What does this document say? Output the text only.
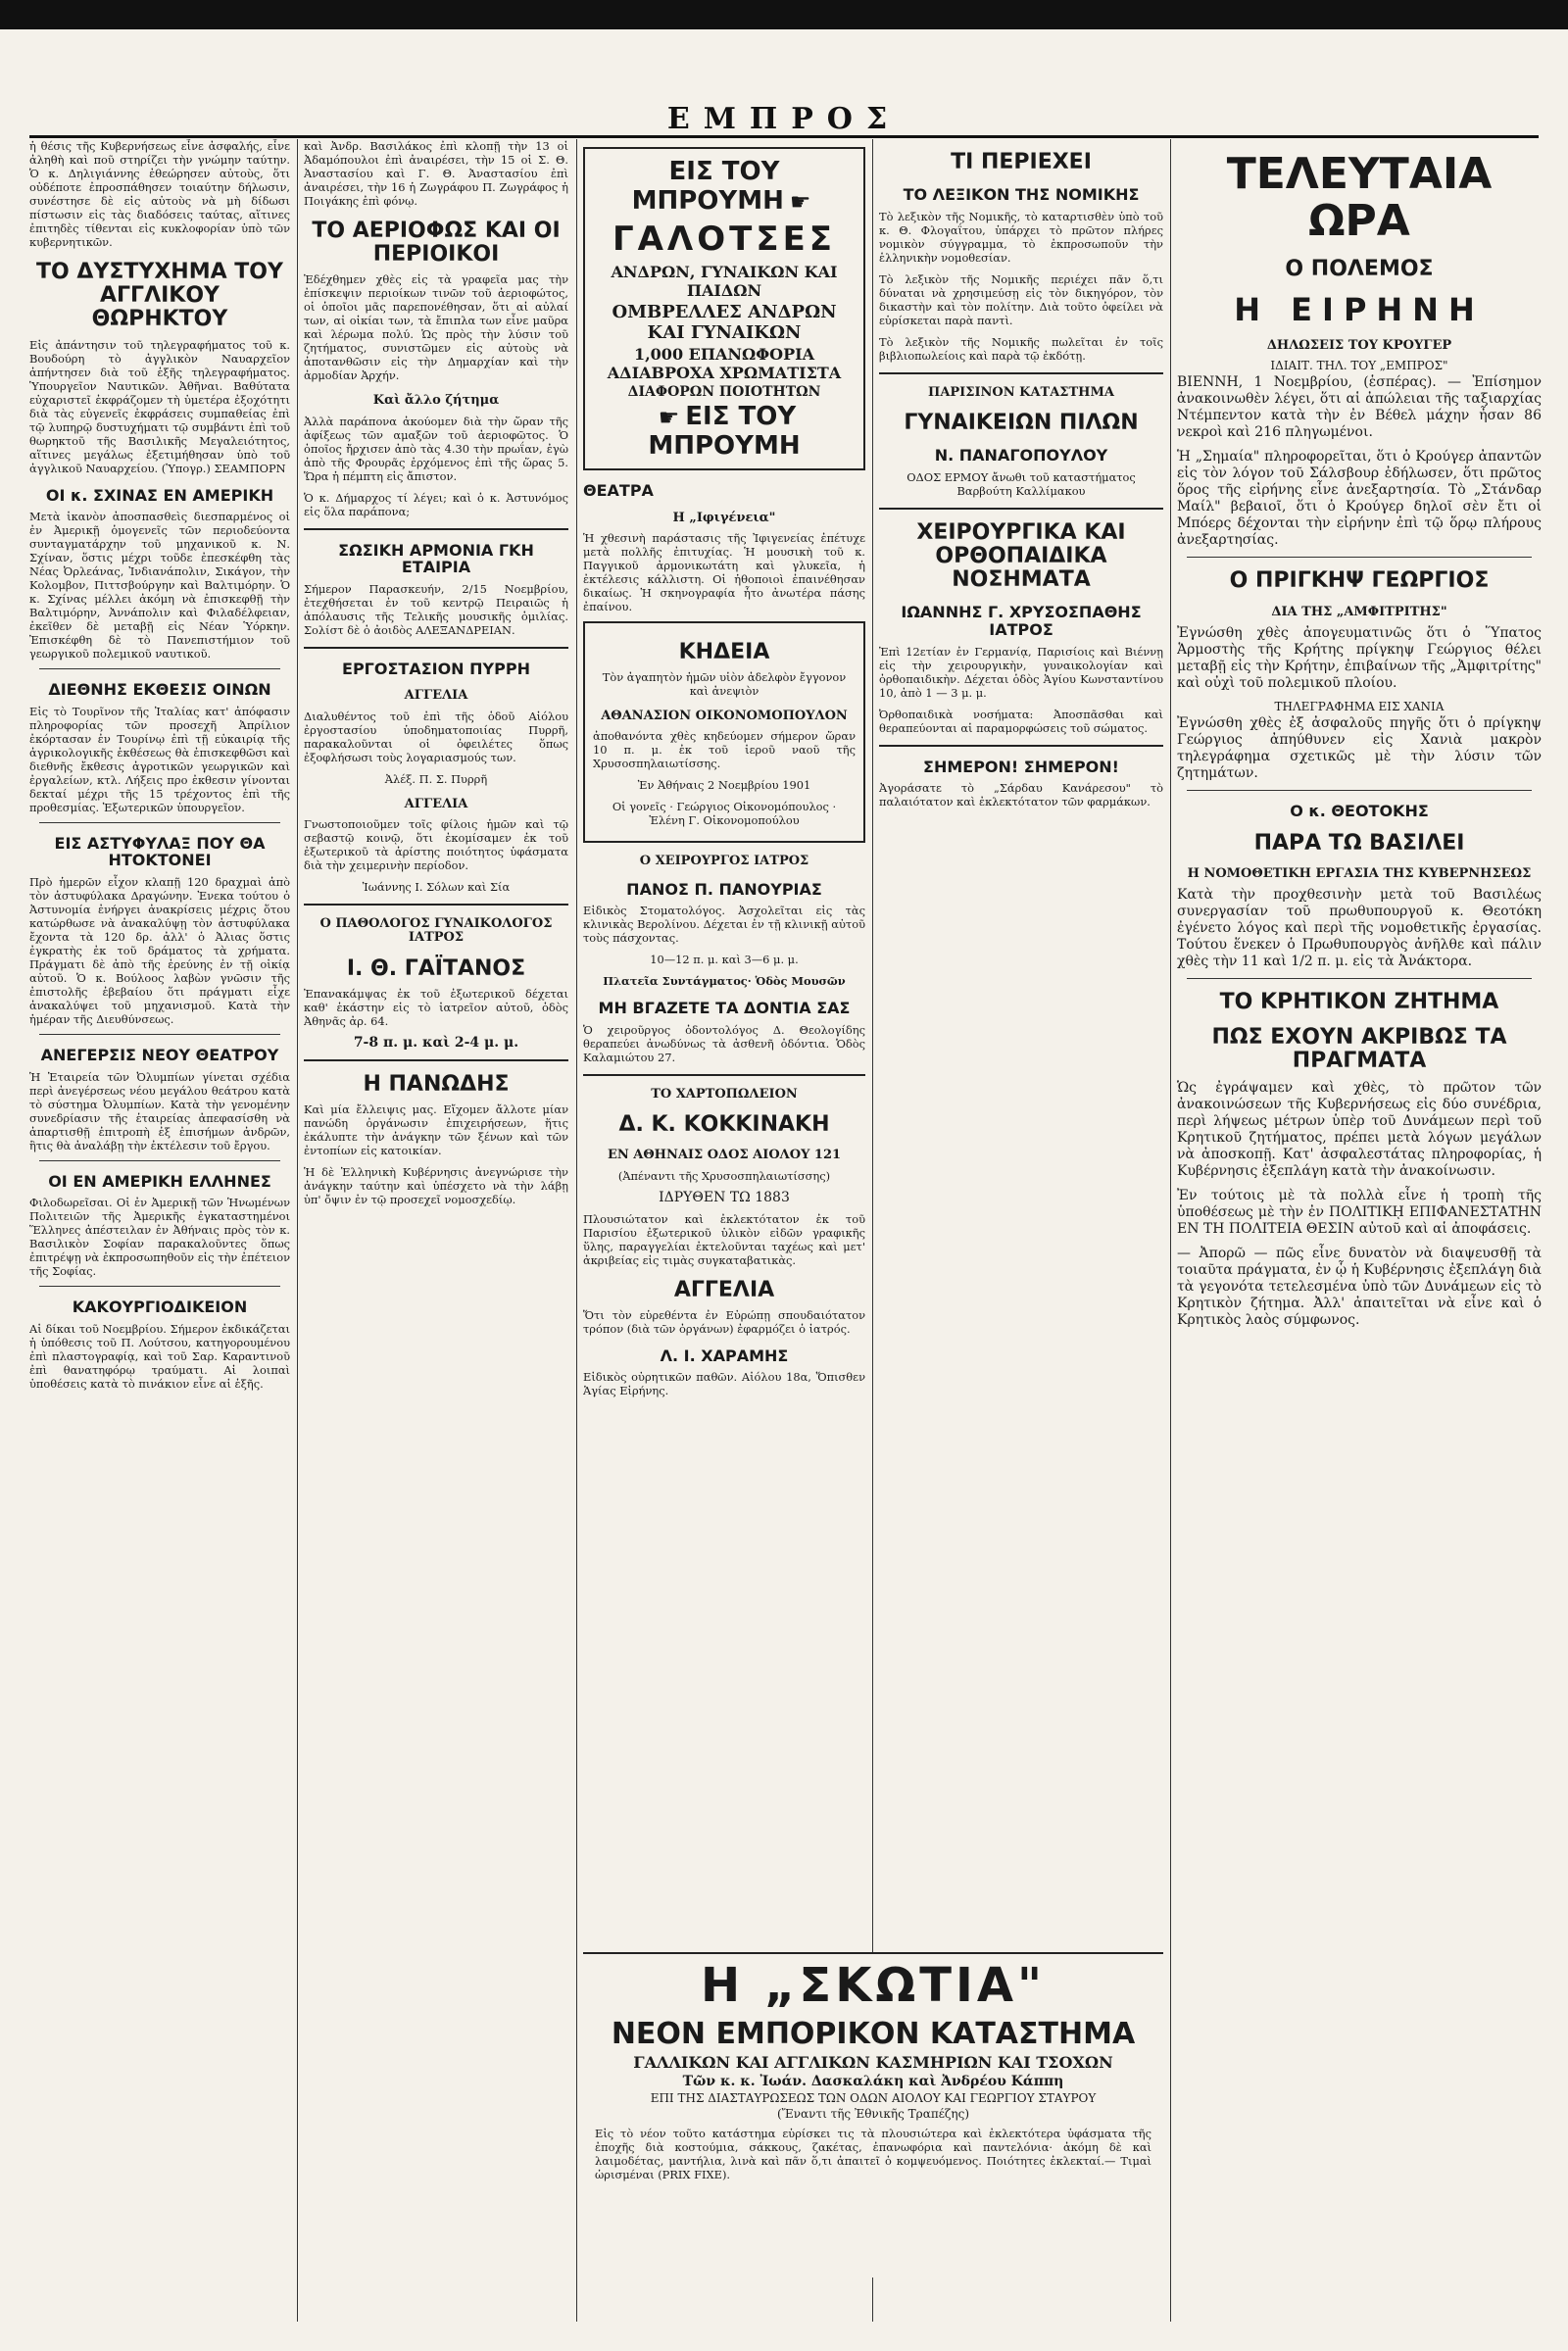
ΕΜΠΡΟΣ

ἡ θέσις τῆς Κυβερνήσεως εἶνε ἀσφαλής, εἶνε ἀληθὴ καὶ ποῦ στηρίζει τὴν γνώμην ταύτην. Ὁ κ. Δηλιγιάννης ἐθεώρησεν αὐτοὺς, ὅτι οὐδέποτε ἐπροσπάθησεν τοιαύτην δήλωσιν, συνέστησε δὲ εἰς αὐτοὺς νὰ μὴ δίδωσι πίστωσιν εἰς τὰς διαδόσεις ταύτας, αἵτινες ἐπιτηδὲς τίθενται εἰς κυκλοφορίαν ὑπὸ τῶν κυβερνητικῶν.

ΤΟ ΔΥΣΤΥΧΗΜΑ ΤΟΥ ΑΓΓΛΙΚΟΥ ΘΩΡΗΚΤΟΥ

Εἰς ἀπάντησιν τοῦ τηλεγραφήματος τοῦ κ. Βουδούρη τὸ ἀγγλικὸν Ναυαρχεῖον ἀπήντησεν διὰ τοῦ ἑξῆς τηλεγραφήματος. Ὑπουργεῖον Ναυτικῶν. Ἀθῆναι. Βαθύτατα εὐχαριστεῖ ἐκφράζομεν τὴ ὑμετέρα ἐξοχότητι διὰ τὰς εὐγενεῖς ἐκφράσεις συμπαθείας ἐπὶ τῷ λυπηρῷ δυστυχήματι τῷ συμβάντι ἐπὶ τοῦ θωρηκτοῦ τῆς Βασιλικῆς Μεγαλειότητος, αἵτινες μεγάλως ἐξετιμήθησαν ὑπὸ τοῦ ἀγγλικοῦ Ναυαρχείου. (Ὑπογρ.) ΣΕΑΜΠΟΡΝ

ΟΙ κ. ΣΧΙΝΑΣ ΕΝ ΑΜΕΡΙΚΗ

Μετὰ ἱκανὸν ἀποσπασθεὶς διεσπαρμένος οἱ ἐν Ἀμερικῇ ὁμογενεῖς τῶν περιοδεύοντα συνταγματάρχην τοῦ μηχανικοῦ κ. Ν. Σχίναν, ὅστις μέχρι τοῦδε ἐπεσκέφθη τὰς Νέας Ὀρλεάνας, Ἰνδιανάπολιν, Σικάγον, τὴν Κολομβον, Πιττσβούργην καὶ Βαλτιμόρην. Ὁ κ. Σχίνας μέλλει ἀκόμη νὰ ἐπισκεφθῇ τὴν Βαλτιμόρην, Ἀννάπολιν καὶ Φιλαδέλφειαν, ἐκεῖθεν δὲ μεταβῇ εἰς Νέαν Ὑόρκην. Ἐπισκέφθη δὲ τὸ Πανεπιστήμιον τοῦ γεωργικοῦ πολεμικοῦ ναυτικοῦ.

ΔΙΕΘΝΗΣ ΕΚΘΕΣΙΣ ΟΙΝΩΝ

Εἰς τὸ Τουρῖνον τῆς Ἰταλίας κατ' ἀπόφασιν πληροφορίας τῶν προσεχῆ Ἀπρίλιον ἐκόρτασαν ἐν Τουρίνῳ ἐπὶ τῇ εὐκαιρίᾳ τῆς ἀγρικολογικῆς ἐκθέσεως θὰ ἐπισκεφθῶσι καὶ διεθνῆς ἔκθεσις ἀγροτικῶν γεωργικῶν καὶ ἐργαλείων, κτλ. Λήξεις προ ἐκθεσιν γίνονται δεκταί μέχρι τῆς 15 τρέχοντος ἐπὶ τῆς προθεσμίας. Ἐξωτερικῶν ὑπουργεῖον.

ΕΙΣ ΑΣΤΥΦΥΛΑΞ ΠΟΥ ΘΑ ΗΤΟΚΤΟΝΕΙ

Πρὸ ἡμερῶν εἶχον κλαπῇ 120 δραχμαὶ ἀπὸ τὸν ἀστυφύλακα Δραγώνην. Ἐνεκα τούτου ὁ Ἀστυνομία ἐνήργει ἀνακρίσεις μέχρις ὅτου κατώρθωσε νὰ ἀνακαλύψῃ τὸν ἀστυφύλακα ἔχοντα τὰ 120 δρ. ἀλλ' ὁ Ἀλιας ὅστις ἐγκρατὴς ἐκ τοῦ δράματος τὰ χρήματα. Πράγματι δὲ ἀπὸ τῆς ἐρεύνης ἐν τῇ οἰκίᾳ αὐτοῦ. Ὁ κ. Βούλοος λαβὼν γνῶσιν τῆς ἐπιστολῆς ἐβεβαίου ὅτι πράγματι εἶχε ἀνακαλύψει τοῦ μηχανισμοῦ. Κατὰ τὴν ἡμέραν τῆς Διευθύνσεως.

ΑΝΕΓΕΡΣΙΣ ΝΕΟΥ ΘΕΑΤΡΟΥ

Ἡ Ἑταιρεία τῶν Ὀλυμπίων γίνεται σχέδια περὶ ἀνεγέρσεως νέου μεγάλου θεάτρου κατὰ τὸ σύστημα Ὀλυμπίων. Κατὰ τὴν γενομένην συνεδρίασιν τῆς ἑταιρείας ἀπεφασίσθη νὰ ἀπαρτισθῇ ἐπιτροπὴ ἐξ ἐπισήμων ἀνδρῶν, ἣτις θὰ ἀναλάβῃ τὴν ἐκτέλεσιν τοῦ ἔργου.

ΟΙ ΕΝ ΑΜΕΡΙΚΗ ΕΛΛΗΝΕΣ

Φιλοδωρεῖσαι. Οἱ ἐν Ἀμερικῇ τῶν Ἡνωμένων Πολιτειῶν τῆς Ἀμερικῆς ἐγκαταστημένοι Ἕλληνες ἀπέστειλαν ἐν Ἀθήναις πρὸς τὸν κ. Βασιλικὸν Σοφίαν παρακαλοῦντες ὅπως ἐπιτρέψῃ νὰ ἐκπροσωπηθοῦν εἰς τὴν ἐπέτειον τῆς Σοφίας.

ΚΑΚΟΥΡΓΙΟΔΙΚΕΙΟΝ

Αἱ δίκαι τοῦ Νοεμβρίου. Σήμερον ἐκδικάζεται ἡ ὑπόθεσις τοῦ Π. Λούτσου, κατηγορουμένου ἐπὶ πλαστογραφίᾳ, καὶ τοῦ Σαρ. Καραντινοῦ ἐπὶ θανατηφόρῳ τραύματι. Αἱ λοιπαὶ ὑποθέσεις κατὰ τὸ πινάκιον εἶνε αἱ ἑξῆς.

καὶ Ἀνδρ. Βασιλάκος ἐπὶ κλοπῇ τὴν 13 οἱ Ἀδαμόπουλοι ἐπὶ ἀναιρέσει, τὴν 15 οἱ Σ. Θ. Ἀναστασίου καὶ Γ. Θ. Ἀναστασίου ἐπὶ ἀναιρέσει, τὴν 16 ἡ Ζωγράφου Π. Ζωγράφος ἡ Ποιγάκης ἐπὶ φόνῳ.

ΤΟ ΑΕΡΙΟΦΩΣ ΚΑΙ ΟΙ ΠΕΡΙΟΙΚΟΙ

Ἐδέχθημεν χθὲς εἰς τὰ γραφεῖα μας τὴν ἐπίσκεψιν περιοίκων τινῶν τοῦ ἀεριοφώτος, οἱ ὁποῖοι μᾶς παρεπονέθησαν, ὅτι αἱ αὐλαί των, αἱ οἰκίαι των, τὰ ἔπιπλα των εἶνε μαῦρα καὶ λέρωμα πολύ. Ὡς πρὸς τὴν λύσιν τοῦ ζητήματος, συνιστῶμεν εἰς αὐτοὺς νὰ ἀποτανθῶσιν εἰς τὴν Δημαρχίαν καὶ τὴν ἀρμοδίαν Ἀρχήν.

Καὶ ἄλλο ζήτημα

Ἀλλὰ παράπονα ἀκούομεν διὰ τὴν ὥραν τῆς ἀφίξεως τῶν αμαξῶν τοῦ ἀεριοφῶτος. Ὁ ὁποῖος ἤρχισεν ἀπὸ τὰς 4.30 τὴν πρωΐαν, ἐγὼ ἀπὸ τῆς Φρουρᾶς ἐρχόμενος ἐπὶ τῆς ὥρας 5. Ὥρα ἡ πέμπτη εἰς ἄπιστον.

Ὁ κ. Δήμαρχος τί λέγει; καὶ ὁ κ. Ἀστυνόμος εἰς ὅλα παράπονα;

ΣΩΣΙΚΗ ΑΡΜΟΝΙΑ ΓΚΗ ΕΤΑΙΡΙΑ

Σήμερον Παρασκευήν, 2/15 Νοεμβρίου, ἐτεχθήσεται ἐν τοῦ κεντρῷ Πειραιῶς ἡ ἀπόλαυσις τῆς Τελικῆς μουσικῆς ὁμιλίας. Σολίστ δὲ ὁ ἀοιδὸς ΑΛΕΞΑΝΔΡΕΙΑΝ.

ΕΡΓΟΣΤΑΣΙΟΝ ΠΥΡΡΗ
ΑΓΓΕΛΙΑ

Διαλυθέντος τοῦ ἐπὶ τῆς ὁδοῦ Αἰόλου ἐργοστασίου ὑποδηματοποιίας Πυρρῆ, παρακαλοῦνται οἱ ὀφειλέτες ὅπως ἐξοφλήσωσι τοὺς λογαριασμούς των.

Ἀλέξ. Π. Σ. Πυρρῆ

ΑΓΓΕΛΙΑ

Γνωστοποιοῦμεν τοῖς φίλοις ἡμῶν καὶ τῷ σεβαστῷ κοινῷ, ὅτι ἐκομίσαμεν ἐκ τοῦ ἐξωτερικοῦ τὰ ἀρίστης ποιότητος ὑφάσματα διὰ τὴν χειμερινὴν περίοδον.

Ἰωάννης Ι. Σόλων καὶ Σία

Ο ΠΑΘΟΛΟΓΟΣ ΓΥΝΑΙΚΟΛΟΓΟΣ ΙΑΤΡΟΣ
Ι. Θ. ΓΑΪΤΑΝΟΣ

Ἐπανακάμψας ἐκ τοῦ ἐξωτερικοῦ δέχεται καθ' ἑκάστην εἰς τὸ ἰατρεῖον αὐτοῦ, ὁδὸς Ἀθηνᾶς ἀρ. 64.

7-8 π. μ. καὶ 2-4 μ. μ.

Η ΠΑΝΩΔΗΣ

Καὶ μία ἔλλειψις μας. Εἴχομεν ἄλλοτε μίαν πανώδη ὀργάνωσιν ἐπιχειρήσεων, ἥτις ἐκάλυπτε τὴν ἀνάγκην τῶν ξένων καὶ τῶν ἐντοπίων εἰς κατοικίαν.

Ἡ δὲ Ἑλληνικὴ Κυβέρνησις ἀνεγνώρισε τὴν ἀνάγκην ταύτην καὶ ὑπέσχετο νὰ τὴν λάβῃ ὑπ' ὄψιν ἐν τῷ προσεχεῖ νομοσχεδίῳ.

ΕΙΣ ΤΟΥ ΜΠΡΟΥΜΗ ☛
ΓΑΛΟΤΣΕΣ
ΑΝΔΡΩΝ, ΓΥΝΑΙΚΩΝ ΚΑΙ ΠΑΙΔΩΝ
ΟΜΒΡΕΛΛΕΣ ΑΝΔΡΩΝ ΚΑΙ ΓΥΝΑΙΚΩΝ
1,000 ΕΠΑΝΩΦΟΡΙΑ ΑΔΙΑΒΡΟΧΑ ΧΡΩΜΑΤΙΣΤΑ
ΔΙΑΦΟΡΩΝ ΠΟΙΟΤΗΤΩΝ
☛ ΕΙΣ ΤΟΥ ΜΠΡΟΥΜΗ
ΘΕΑΤΡΑ
Η „Ιφιγένεια"

Ἡ χθεσινὴ παράστασις τῆς Ἰφιγενείας ἐπέτυχε μετὰ πολλῆς ἐπιτυχίας. Ἡ μουσικὴ τοῦ κ. Παγγικοῦ ἀρμονικωτάτη καὶ γλυκεῖα, ἡ ἐκτέλεσις κάλλιστη. Οἱ ἠθοποιοὶ ἐπαινέθησαν δικαίως. Ἡ σκηνογραφία ἦτο ἀνωτέρα πάσης ἐπαίνου.

ΚΗΔΕΙΑ

Τὸν ἀγαπητὸν ἡμῶν υἱὸν ἀδελφὸν ἔγγονον καὶ ἀνεψιὸν

ΑΘΑΝΑΣΙΟΝ ΟΙΚΟΝΟΜΟΠΟΥΛΟΝ

ἀποθανόντα χθὲς κηδεύομεν σήμερον ὥραν 10 π. μ. ἐκ τοῦ ἱεροῦ ναοῦ τῆς Χρυσοσπηλαιωτίσσης.

Ἐν Ἀθήναις 2 Νοεμβρίου 1901

Οἱ γονεῖς · Γεώργιος Οἰκονομόπουλος · Ἑλένη Γ. Οἰκονομοπούλου

Ο ΧΕΙΡΟΥΡΓΟΣ ΙΑΤΡΟΣ
ΠΑΝΟΣ Π. ΠΑΝΟΥΡΙΑΣ

Εἰδικὸς Στοματολόγος. Ἀσχολεῖται εἰς τὰς κλινικὰς Βερολίνου. Δέχεται ἐν τῇ κλινικῇ αὐτοῦ τοὺς πάσχοντας.

10—12 π. μ. καὶ 3—6 μ. μ.

Πλατεῖα Συντάγματος· Ὁδὸς Μουσῶν

ΜΗ ΒΓΑΖΕΤΕ ΤΑ ΔΟΝΤΙΑ ΣΑΣ

Ὁ χειροῦργος ὀδοντολόγος Δ. Θεολογίδης θεραπεύει ἀνωδύνως τὰ ἀσθενῆ ὀδόντια. Ὁδὸς Καλαμιώτου 27.

ΤΟ ΧΑΡΤΟΠΩΛΕΙΟΝ
Δ. Κ. ΚΟΚΚΙΝΑΚΗ
ΕΝ ΑΘΗΝΑΙΣ ΟΔΟΣ ΑΙΟΛΟΥ 121

(Ἀπέναντι τῆς Χρυσοσπηλαιωτίσσης)

ΙΔΡΥΘΕΝ ΤΩ 1883

Πλουσιώτατον καὶ ἐκλεκτότατον ἐκ τοῦ Παρισίου ἐξωτερικοῦ ὑλικὸν εἰδῶν γραφικῆς ὕλης, παραγγελίαι ἐκτελοῦνται ταχέως καὶ μετ' ἀκριβείας εἰς τιμὰς συγκαταβατικὰς.

ΑΓΓΕΛΙΑ

Ὅτι τὸν εὑρεθέντα ἐν Εὐρώπῃ σπουδαιότατον τρόπον (διὰ τῶν ὀργάνων) ἐφαρμόζει ὁ ἰατρός.

Λ. Ι. ΧΑΡΑΜΗΣ

Εἰδικὸς οὐρητικῶν παθῶν. Αἰόλου 18α, Ὅπισθεν Ἁγίας Εἰρήνης.

ΤΙ ΠΕΡΙΕΧΕΙ
ΤΟ ΛΕΞΙΚΟΝ ΤΗΣ ΝΟΜΙΚΗΣ

Τὸ λεξικὸν τῆς Νομικῆς, τὸ καταρτισθὲν ὑπὸ τοῦ κ. Θ. Φλογαΐτου, ὑπάρχει τὸ πρῶτον πλήρες νομικὸν σύγγραμμα, τὸ ἐκπροσωποῦν τὴν ἑλληνικὴν νομοθεσίαν.

Τὸ λεξικὸν τῆς Νομικῆς περιέχει πᾶν ὅ,τι δύναται νὰ χρησιμεύσῃ εἰς τὸν δικηγόρον, τὸν δικαστὴν καὶ τὸν πολίτην. Διὰ τοῦτο ὀφείλει νὰ εὑρίσκεται παρὰ παντὶ.

Τὸ λεξικὸν τῆς Νομικῆς πωλεῖται ἐν τοῖς βιβλιοπωλείοις καὶ παρὰ τῷ ἐκδότῃ.

ΠΑΡΙΣΙΝΟΝ ΚΑΤΑΣΤΗΜΑ
ΓΥΝΑΙΚΕΙΩΝ ΠΙΛΩΝ
Ν. ΠΑΝΑΓΟΠΟΥΛΟΥ

ΟΔΟΣ ΕΡΜΟΥ ἄνωθι τοῦ καταστήματος Βαρβούτη Καλλίμακου

ΧΕΙΡΟΥΡΓΙΚΑ ΚΑΙ ΟΡΘΟΠΑΙΔΙΚΑ ΝΟΣΗΜΑΤΑ
ΙΩΑΝΝΗΣ Γ. ΧΡΥΣΟΣΠΑΘΗΣ ΙΑΤΡΟΣ

Ἐπὶ 12ετίαν ἐν Γερμανίᾳ, Παρισίοις καὶ Βιέννῃ εἰς τὴν χειρουργικὴν, γυναικολογίαν καὶ ὀρθοπαιδικὴν. Δέχεται ὁδὸς Ἁγίου Κωνσταντίνου 10, ἀπὸ 1 — 3 μ. μ.

Ὀρθοπαιδικὰ νοσήματα: Ἀποσπᾶσθαι καὶ θεραπεύονται αἱ παραμορφώσεις τοῦ σώματος.

ΣΗΜΕΡΟΝ! ΣΗΜΕΡΟΝ!

Ἀγοράσατε τὸ „Σάρδαυ Κανάρεσου" τὸ παλαιότατον καὶ ἐκλεκτότατον τῶν φαρμάκων.

ΤΕΛΕΥΤΑΙΑ ΩΡΑ
Ο ΠΟΛΕΜΟΣ
Η ΕΙΡΗΝΗ
ΔΗΛΩΣΕΙΣ ΤΟΥ ΚΡΟΥΓΕΡ
ΙΔΙΑΙΤ. ΤΗΛ. ΤΟΥ „ΕΜΠΡΟΣ"

ΒΙΕΝΝΗ, 1 Νοεμβρίου, (ἑσπέρας). — Ἐπίσημον ἀνακοινωθὲν λέγει, ὅτι αἱ ἀπώλειαι τῆς ταξιαρχίας Ντέμπεντον κατὰ τὴν ἐν Βέθελ μάχην ἦσαν 86 νεκροὶ καὶ 216 πληγωμένοι.

Ἡ „Σημαία" πληροφορεῖται, ὅτι ὁ Κρούγερ ἀπαντῶν εἰς τὸν λόγον τοῦ Σάλσβουρ ἐδήλωσεν, ὅτι πρῶτος ὅρος τῆς εἰρήνης εἶνε ἀνεξαρτησία. Τὸ „Στάνδαρ Μαίλ" βεβαιοῖ, ὅτι ὁ Κρούγερ δηλοῖ σὲν ἔτι οἱ Μπόερς δέχονται τὴν εἰρήνην ἐπὶ τῷ ὅρῳ πλήρους ἀνεξαρτησίας.

Ο ΠΡΙΓΚΗΨ ΓΕΩΡΓΙΟΣ
ΔΙΑ ΤΗΣ „ΑΜΦΙΤΡΙΤΗΣ"

Ἐγνώσθη χθὲς ἀπογευματινῶς ὅτι ὁ Ὕπατος Ἁρμοστὴς τῆς Κρήτης πρίγκηψ Γεώργιος θέλει μεταβῇ εἰς τὴν Κρήτην, ἐπιβαίνων τῆς „Ἀμφιτρίτης" καὶ οὐχὶ τοῦ πολεμικοῦ πλοίου.

ΤΗΛΕΓΡΑΦΗΜΑ ΕΙΣ ΧΑΝΙΑ

Ἐγνώσθη χθὲς ἐξ ἀσφαλοῦς πηγῆς ὅτι ὁ πρίγκηψ Γεώργιος ἀπηύθυνεν εἰς Χανιὰ μακρὸν τηλεγράφημα σχετικῶς μὲ τὴν λύσιν τῶν ζητημάτων.

Ο κ. ΘΕΟΤΟΚΗΣ
ΠΑΡΑ ΤΩ ΒΑΣΙΛΕΙ
Η ΝΟΜΟΘΕΤΙΚΗ ΕΡΓΑΣΙΑ ΤΗΣ ΚΥΒΕΡΝΗΣΕΩΣ

Κατὰ τὴν προχθεσινὴν μετὰ τοῦ Βασιλέως συνεργασίαν τοῦ πρωθυπουργοῦ κ. Θεοτόκη ἐγένετο λόγος καὶ περὶ τῆς νομοθετικῆς ἐργασίας. Τούτου ἕνεκεν ὁ Πρωθυπουργὸς ἀνῆλθε καὶ πάλιν χθὲς τὴν 11 καὶ 1/2 π. μ. εἰς τὰ Ἀνάκτορα.

ΤΟ ΚΡΗΤΙΚΟΝ ΖΗΤΗΜΑ
ΠΩΣ ΕΧΟΥΝ ΑΚΡΙΒΩΣ ΤΑ ΠΡΑΓΜΑΤΑ

Ὡς ἐγράψαμεν καὶ χθὲς, τὸ πρῶτον τῶν ἀνακοινώσεων τῆς Κυβερνήσεως εἰς δύο συνέδρια, περὶ λήψεως μέτρων ὑπὲρ τοῦ Δυνάμεων περὶ τοῦ Κρητικοῦ ζητήματος, πρέπει μετὰ λόγων μεγάλων νὰ ἀποσκοπῇ. Κατ' ἀσφαλεστάτας πληροφορίας, ἡ Κυβέρνησις ἐξεπλάγη κατὰ τὴν ἀνακοίνωσιν.

Ἐν τούτοις μὲ τὰ πολλὰ εἶνε ἡ τροπὴ τῆς ὑποθέσεως μὲ τὴν ἐν ΠΟΛΙΤΙΚῌ ΕΠΙΦΑΝΕΣΤΑΤΗΝ ΕΝ ΤΗ ΠΟΛΙΤΕΙΑ ΘΕΣΙΝ αὐτοῦ καὶ αἱ ἀποφάσεις.

— Ἀπορῶ — πῶς εἶνε δυνατὸν νὰ διαψευσθῇ τὰ τοιαῦτα πράγματα, ἐν ᾧ ἡ Κυβέρνησις ἐξεπλάγη διὰ τὰ γεγονότα τετελεσμένα ὑπὸ τῶν Δυνάμεων εἰς τὸ Κρητικὸν ζήτημα. Ἀλλ' ἀπαιτεῖται νὰ εἶνε καὶ ὁ Κρητικὸς λαὸς σύμφωνος.

Η „ΣΚΩΤΙΑ"
ΝΕΟΝ ΕΜΠΟΡΙΚΟΝ ΚΑΤΑΣΤΗΜΑ
ΓΑΛΛΙΚΩΝ ΚΑΙ ΑΓΓΛΙΚΩΝ ΚΑΣΜΗΡΙΩΝ ΚΑΙ ΤΣΟΧΩΝ
Τῶν κ. κ. Ἰωάν. Δασκαλάκη καὶ Ἀνδρέου Κάππη
ΕΠΙ ΤΗΣ ΔΙΑΣΤΑΥΡΩΣΕΩΣ ΤΩΝ ΟΔΩΝ ΑΙΟΛΟΥ ΚΑΙ ΓΕΩΡΓΙΟΥ ΣΤΑΥΡΟΥ
(Ἔναντι τῆς Ἐθνικῆς Τραπέζης)

Εἰς τὸ νέον τοῦτο κατάστημα εὑρίσκει τις τὰ πλουσιώτερα καὶ ἐκλεκτότερα ὑφάσματα τῆς ἐποχῆς διὰ κοστούμια, σάκκους, ζακέτας, ἐπανωφόρια καὶ παντελόνια· ἀκόμη δὲ καὶ λαιμοδέτας, μαντήλια, λινὰ καὶ πᾶν ὅ,τι ἀπαιτεῖ ὁ κομψευόμενος. Ποιότητες ἐκλεκταί.— Τιμαὶ ὡρισμέναι (PRIX FIXE).
